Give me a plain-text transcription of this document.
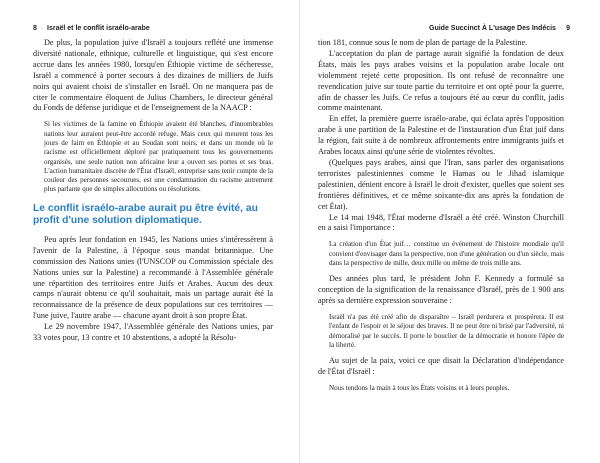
8  ·  Israël et le conflit israélo-arabe

De plus, la population juive d'Israël a toujours reflété une immense diversité nationale, ethnique, culturelle et linguistique, qui s'est encore accrue dans les années 1980, lorsqu'en Éthiopie victime de sécheresse, Israël a commencé à porter secours à des dizaines de milliers de Juifs noirs qui avaient choisi de s'installer en Israël. On ne manquera pas de citer le commentaire éloquent de Julius Chambers, le directeur général du Fonds de défense juridique et de l'enseignement de la NAACP :

Si les victimes de la famine en Éthiopie avaient été blanches, d'innombrables nations leur auraient peut-être accordé refuge. Mais ceux qui meurent tous les jours de faim en Éthiopie et au Soudan sont noirs, et dans un monde où le racisme est officiellement déploré par pratiquement tous les gouvernements organisés, une seule nation non africaine leur a ouvert ses portes et ses bras. L'action humanitaire discrète de l'État d'Israël, entreprise sans tenir compte de la couleur des personnes secourues, est une condamnation du racisme autrement plus parlante que de simples allocutions ou résolutions.

Le conflit israélo-arabe aurait pu être évité, au profit d'une solution diplomatique.

Peu après leur fondation en 1945, les Nations unies s'intéressèrent à l'avenir de la Palestine, à l'époque sous mandat britannique. Une commission des Nations unies (l'UNSCOP ou Commission spéciale des Nations unies sur la Palestine) a recommandé à l'Assemblée générale une répartition des territoires entre Juifs et Arabes. Aucun des deux camps n'aurait obtenu ce qu'il souhaitait, mais un partage aurait été la reconnaissance de la présence de deux populations sur ces territoires — l'une juive, l'autre arabe — chacune ayant droit à son propre État.

Le 29 novembre 1947, l'Assemblée générale des Nations unies, par 33 votes pour, 13 contre et 10 abstentions, a adopté la Résolu-

Guide Succinct À L'usage Des Indécis  ·  9

tion 181, connue sous le nom de plan de partage de la Palestine.

L'acceptation du plan de partage aurait signifié la fondation de deux États, mais les pays arabes voisins et la population arabe locale ont violemment rejeté cette proposition. Ils ont refusé de reconnaître une revendication juive sur toute partie du territoire et ont opté pour la guerre, afin de chasser les Juifs. Ce refus a toujours été au cœur du conflit, jadis comme maintenant.

En effet, la première guerre israélo-arabe, qui éclata après l'opposition arabe à une partition de la Palestine et de l'instauration d'un État juif dans la région, fait suite à de nombreux affrontements entre immigrants juifs et Arabes locaux ainsi qu'une série de violentes révoltes.

(Quelques pays arabes, ainsi que l'Iran, sans parler des organisations terroristes palestiniennes comme le Hamas ou le Jihad islamique palestinien, dénient encore à Israël le droit d'exister, quelles que soient ses frontières définitives, et ce même soixante-dix ans après la fondation de cet État).

Le 14 mai 1948, l'État moderne d'Israël a été créé. Winston Churchill en a saisi l'importance :

La création d'un État juif… constitue un événement de l'histoire mondiale qu'il convient d'envisager dans la perspective, non d'une génération ou d'un siècle, mais dans la perspective de mille, deux mille ou même de trois mille ans.

Des années plus tard, le président John F. Kennedy a formulé sa conception de la signification de la renaissance d'Israël, près de 1 900 ans après sa dernière expression souveraine :

Israël n'a pas été créé afin de disparaître – Israël perdurera et prospérera. Il est l'enfant de l'espoir et le séjour des braves. Il ne peut être ni brisé par l'adversité, ni démoralisé par le succès. Il porte le bouclier de la démocratie et honore l'épée de la liberté.

Au sujet de la paix, voici ce que disait la Déclaration d'indépendance de l'État d'Israël :

Nous tendons la main à tous les États voisins et à leurs peuples,
